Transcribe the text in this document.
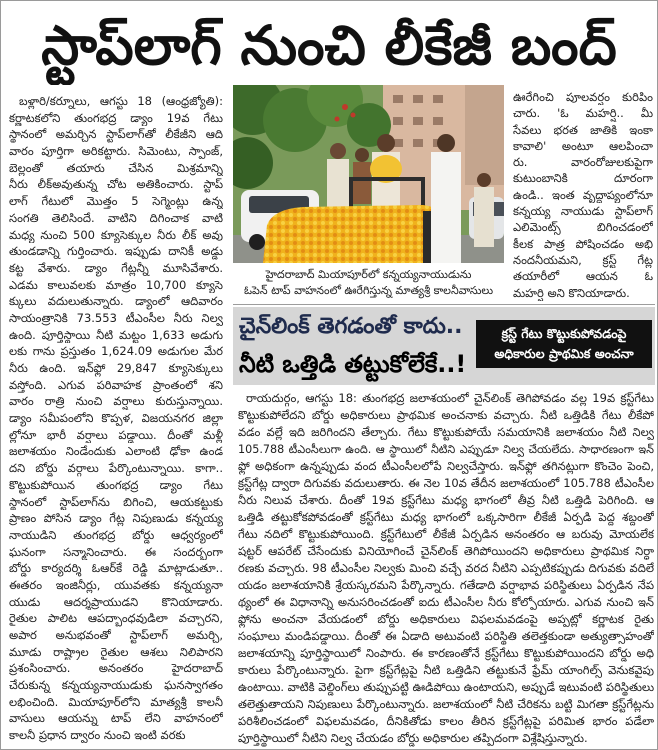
స్టాప్‌లాగ్ నుంచి లీకేజీ బంద్
బళ్లారి/కర్నూలు, ఆగస్టు 18 (ఆంధ్రజ్యోతి):
కర్ణాటకలోని తుంగభద్ర డ్యాం 19వ గేటు
స్థానంలో అమర్చిన స్టాప్‌లాగ్‌తో లీకేజీని ఆది
వారం పూర్తిగా అరికట్టారు. సిమెంటు, స్పాంజ్,
బెల్లంతో తయారు చేసిన మిశ్రమాన్ని
నీరు లీక్‌అవుతున్న చోట అతికించారు. స్టాప్
లాగ్ గేటులో మొత్తం 5 సెగ్మెంట్లు ఉన్న
సంగతి తెలిసిందే. వాటిని దిగించాక వాటి
మధ్య నుంచి 500 క్యూసెక్కుల నీరు లీక్ అవు
తుండడాన్ని గుర్తించారు. ఇప్పుడు దానికీ అడ్డు
కట్ట వేశారు. డ్యాం గేట్లన్నీ మూసివేశారు.
ఎడమ కాలువలకు మాత్రం 10,700 క్యూసె
క్కులు వదులుతున్నారు. డ్యాంలో ఆదివారం
సాయంత్రానికి 73.553 టీఎంసీల నీరు నిల్వ
ఉంది. పూర్తిస్థాయి నీటి మట్టం 1,633 అడుగు
లకు గాను ప్రస్తుతం 1,624.09 అడుగుల మేర
నీరు ఉంది. ఇన్‌ఫ్లో 29,847 క్యూసెక్కులు
వస్తోంది. ఎగువ పరివాహక ప్రాంతంలో శని
వారం రాత్రి నుంచి వర్షాలు కురుస్తున్నాయి.
డ్యాం సమీపంలోని కొప్పళ, విజయనగర జిల్లా
ల్లోనూ భారీ వర్షాలు పడ్డాయి. దీంతో మళ్లీ
జలాశయం నిండేందుకు ఎలాంటి ఢోకా ఉండ
దని బోర్డు వర్గాలు పేర్కొంటున్నాయి. కాగా..
కొట్టుకుపోయిన తుంగభద్ర డ్యాం గేటు
స్థానంలో స్టాప్‌లాగ్‌ను బిగించి, ఆయకట్టుకు
ప్రాణం పోసిన డ్యాం గేట్ల నిపుణుడు కన్నయ్య
నాయుడిని తుంగభద్ర బోర్డు ఆధ్వర్యంలో
ఘనంగా సన్మానించారు. ఈ సందర్భంగా
బోర్డు కార్యదర్శి ఓఆర్‌కే రెడ్డి మాట్లాడుతూ..
ఈతరం ఇంజినీర్లు, యువతకు కన్నయ్యనా
యుడు ఆదర్శప్రాయుడని కొనియాడారు.
రైతుల పాలిట ఆపద్బాంధవుడిలా వచ్చారని,
అపార అనుభవంతో స్టాప్‌లాగ్ అమర్చి,
మూడు రాష్ట్రాల రైతుల ఆశలు నిలిపారని
ప్రశంసించారు. అనంతరం హైదరాబాద్
చేరుకున్న కన్నయ్యనాయుడుకు ఘనస్వాగతం
లభించింది. మియాపూర్‌లోని మాత్యశ్రీ కాలనీ
వాసులు ఆయన్ను టాప్ లేని వాహనంలో
కాలనీ ప్రధాన ద్వారం నుంచి ఇంటి వరకు
హైదరాబాద్ మియాపూర్‌లో కన్నయ్యనాయుడును
ఓపెన్ టాప్ వాహనంలో ఊరేగిస్తున్న మాత్యశ్రీ కాలనీవాసులు
ఊరేగించి పూలవర్షం కురిపిం
చారు. 'ఓ మహర్షి.. మీ
సేవలు భరత జాతికి ఇంకా
కావాలి' అంటూ ఆలపించా
రు. వారంరోజులకుపైగా
కుటుంబానికి దూరంగా
ఉండి.. ఇంత వృద్ధాప్యంలోనూ
కన్నయ్య నాయుడు స్టాప్‌లాగ్
ఎలిమెంట్స్ బిగించడంలో
కీలక పాత్ర పోషించడం అభి
నందనీయమని, క్రస్ట్ గేట్ల
తయారీలో ఆయన ఓ
మహర్షి అని కొనియాడారు.
చైన్‌లింక్ తెగడంతో కాదు..
నీటి ఒత్తిడి తట్టుకోలేకే..!
క్రస్ట్ గేటు కొట్టుకుపోవడంపై
అధికారుల ప్రాథమిక అంచనా
రాయదుర్గం, ఆగస్టు 18: తుంగభద్ర జలాశయంలో చైన్‌లింక్ తెగిపోవడం వల్ల 19వ క్రస్ట్‌గేటు
కొట్టుకుపోలేదని బోర్డు అధికారులు ప్రాథమిక అంచనాకు వచ్చారు. నీటి ఒత్తిడికి గేటు లీకేపో
వడం వల్లే ఇది జరిగిందని తేల్చారు. గేటు కొట్టుకుపోయే సమయానికి జలాశయం నీటి నిల్వ
105.788 టీఎంసీలుగా ఉంది. ఆ స్థాయిలో నీటిని ఎప్పుడూ నిల్వ చేయలేదు. సాధారణంగా ఇన్
ఫ్లో అధికంగా ఉన్నప్పుడు వంద టీఎంసీలలోపే నిల్వచేస్తారు. ఇన్‌ఫ్లో తగినట్లుగా కొంచెం పెంచి,
క్రస్ట్‌గేట్ల ద్వారా దిగువకు వదులుతారు. ఈ నెల 10వ తేదీన జలాశయంలో 105.788 టీఎంసీల
నీరు నిలువ చేశారు. దీంతో 19వ క్రస్ట్‌గేటు మధ్య భాగంలో తీవ్ర నీటి ఒత్తిడి పెరిగింది. ఆ
ఒత్తిడి తట్టుకోకపోవడంతో క్రస్ట్‌గేటు మధ్య భాగంలో ఒక్కసారిగా లీకేజీ ఏర్పడి పెద్ద శబ్దంతో
గేటు నదిలో కొట్టుకుపోయింది. క్రస్ట్‌గేటులో లీకేజీ ఏర్పడిన అనంతరం ఆ బరువు మోయలేక
షట్టర్ ఆపరేట్ చేసేందుకు వినియోగించే చైన్‌లింక్ తెగిపోయిందని అధికారులు ప్రాథమిక నిర్ధా
రణకు వచ్చారు. 98 టీఎంసీల నిల్వకు మించి వచ్చే వరద నీటిని ఎప్పటికప్పుడు దిగువకు వదిలే
యడం జలాశయానికి శ్రేయస్కరమని పేర్కొన్నారు. గతేడాది వర్షాభావ పరిస్థితులు ఏర్పడిన నేప
థ్యంలో ఈ విధానాన్ని అనుసరించడంతో ఐదు టీఎంసీల నీరు కోల్పోయారు. ఎగువ నుంచి ఇన్
ఫ్లోను అంచనా వేయడంలో బోర్డు అధికారులు విఫలమవడంపై అప్పట్లో కర్ణాటక రైతు
సంఘాలు మండిపడ్డాయి. దీంతో ఈ ఏడాది అటువంటి పరిస్థితి తలెత్తకుండా అత్యుత్సాహంతో
జలాశయాన్ని పూర్తిస్థాయిలో నింపారు. ఈ కారణంతోనే క్రస్ట్‌గేటు కొట్టుకుపోయిందని బోర్డు అధి
కారులు పేర్కొంటున్నారు. పైగా క్రస్ట్‌గేట్లపై నీటి ఒత్తిడిని తట్టుకునే ఫ్రేమ్ యాంగిల్స్ వెనుకవైపు
ఉంటాయి. వాటికి వెల్డింగ్‌లు తుప్పుపట్టి ఊడిపోయి ఉంటాయని, అప్పుడే ఇటువంటి పరిస్థితులు
తలెత్తుతాయని నిపుణులు పేర్కొంటున్నారు. జలాశయంలో నీటి చేరికను బట్టి మిగతా క్రస్ట్‌గేట్లను
పరిశీలించడంలో విఫలమవడం, దీనికితోడు కాలం తీరిన క్రస్ట్‌గేట్లపై పరిమిత భారం పడేలా
పూర్తిస్థాయిలో నీటిని నిల్వ చేయడం బోర్డు అధికారుల తప్పిదంగా విశ్లేషిస్తున్నారు.
